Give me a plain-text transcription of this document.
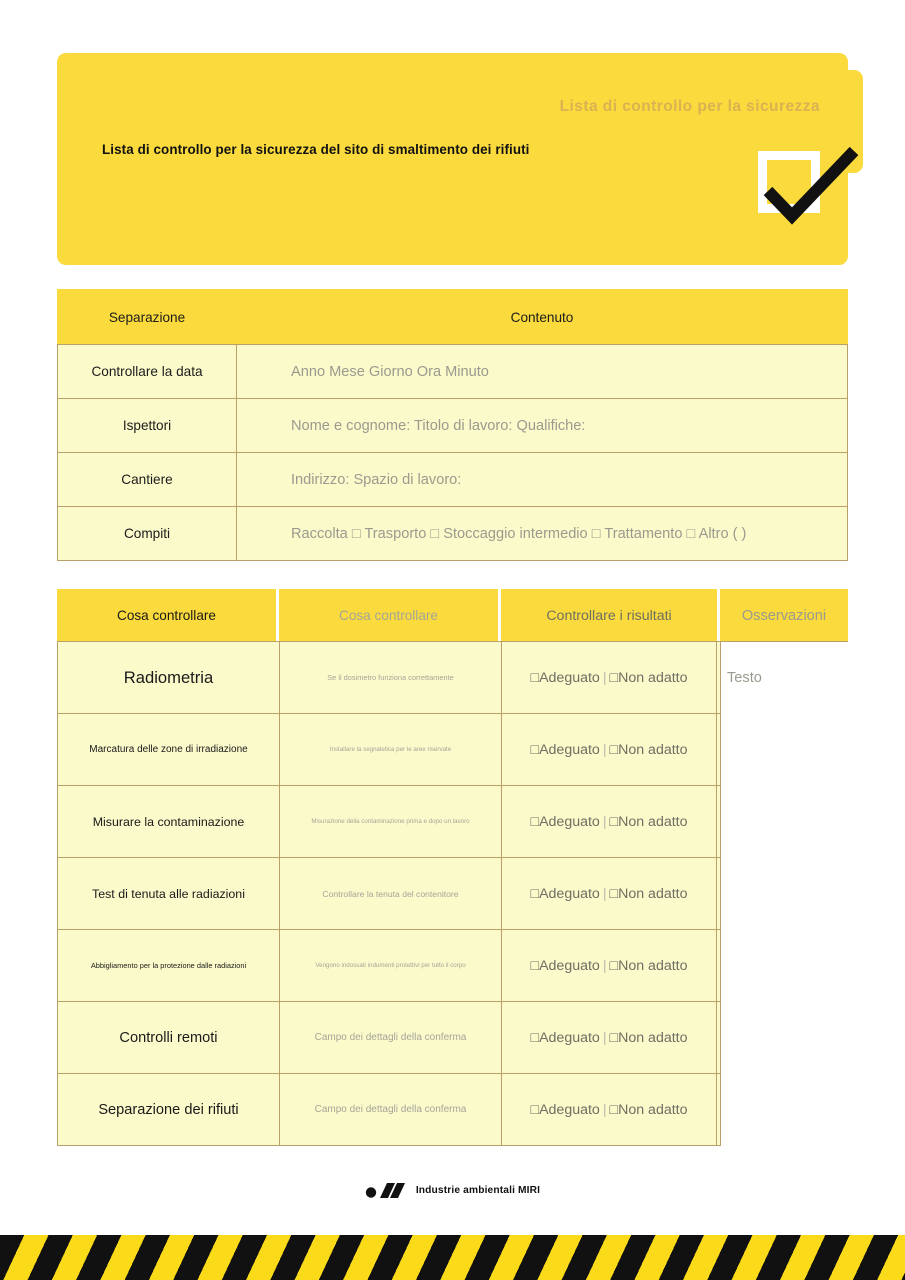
Lista di controllo per la sicurezza
Lista di controllo per la sicurezza del sito di smaltimento dei rifiuti
Separazione	Contenuto
Controllare la data	Anno Mese Giorno Ora Minuto
Ispettori	Nome e cognome: Titolo di lavoro: Qualifiche:
Cantiere	Indirizzo: Spazio di lavoro:
Compiti	Raccolta □ Trasporto □ Stoccaggio intermedio □ Trattamento □ Altro ( )
Cosa controllare		Cosa controllare		Controllare i risultati		Osservazioni
Radiometria		Se il dosimetro funziona correttamente		□Adeguato | □Non adatto	Testo	
Marcatura delle zone di irradiazione		Installare la segnaletica per le aree riservate		□Adeguato | □Non adatto		
Misurare la contaminazione		Misurazione della contaminazione prima e dopo un lavoro		□Adeguato | □Non adatto		
Test di tenuta alle radiazioni		Controllare la tenuta del contenitore		□Adeguato | □Non adatto		
Abbigliamento per la protezione dalle radiazioni		Vengono indossati indumenti protettivi per tutto il corpo		□Adeguato | □Non adatto		
Controlli remoti		Campo dei dettagli della conferma		□Adeguato | □Non adatto		
Separazione dei rifiuti		Campo dei dettagli della conferma		□Adeguato | □Non adatto		
Industrie ambientali MIRI
